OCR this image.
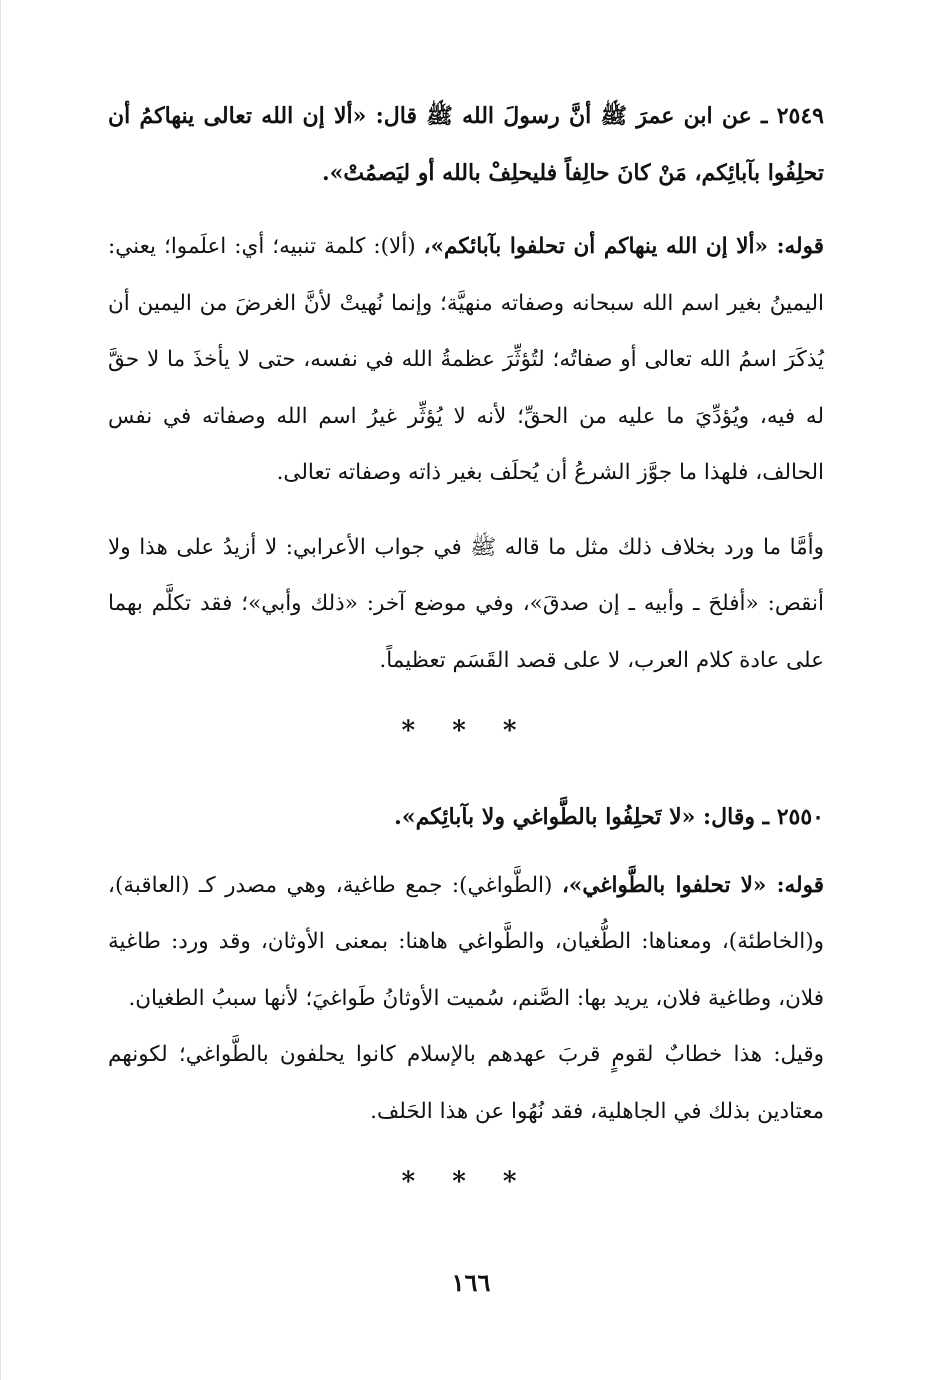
٢٥٤٩ ـ عن ابن عمرَ ﷺ أنَّ رسولَ الله ﷺ قال: «ألا إن الله تعالى ينهاكمُ أن تحلِفُوا بآبائِكم، مَنْ كانَ حالِفاً فليحلِفْ بالله أو ليَصمُتْ».

قوله: «ألا إن الله ينهاكم أن تحلفوا بآبائكم»، (ألا): كلمة تنبيه؛ أي: اعلَموا؛ يعني: اليمينُ بغير اسم الله سبحانه وصفاته منهيَّة؛ وإنما نُهيتْ لأنَّ الغرضَ من اليمين أن يُذكَرَ اسمُ الله تعالى أو صفاتُه؛ لتُؤثِّرَ عظمةُ الله في نفسه، حتى لا يأخذَ ما لا حقَّ له فيه، ويُؤدِّيَ ما عليه من الحقِّ؛ لأنه لا يُؤثِّر غيرُ اسم الله وصفاته في نفس الحالف، فلهذا ما جوَّز الشرعُ أن يُحلَف بغير ذاته وصفاته تعالى.

وأمَّا ما ورد بخلاف ذلك مثل ما قاله ﷺ في جواب الأعرابي: لا أزيدُ على هذا ولا أنقص: «أفلحَ ـ وأبيه ـ إن صدقَ»، وفي موضع آخر: «ذلك وأبي»؛ فقد تكلَّم بهما على عادة كلام العرب، لا على قصد القَسَم تعظيماً.

* * *

٢٥٥٠ ـ وقال: «لا تَحلِفُوا بالطَّواغي ولا بآبائِكم».

قوله: «لا تحلفوا بالطَّواغي»، (الطَّواغي): جمع طاغية، وهي مصدر كـ (العاقبة)، و(الخاطئة)، ومعناها: الطُّغيان، والطَّواغي هاهنا: بمعنى الأوثان، وقد ورد: طاغية فلان، وطاغية فلان، يريد بها: الصَّنم، سُميت الأوثانُ طَواغيَ؛ لأنها سببُ الطغيان.

وقيل: هذا خطابٌ لقومٍ قربَ عهدهم بالإسلام كانوا يحلفون بالطَّواغي؛ لكونهم معتادين بذلك في الجاهلية، فقد نُهُوا عن هذا الحَلف.

* * *
١٦٦
